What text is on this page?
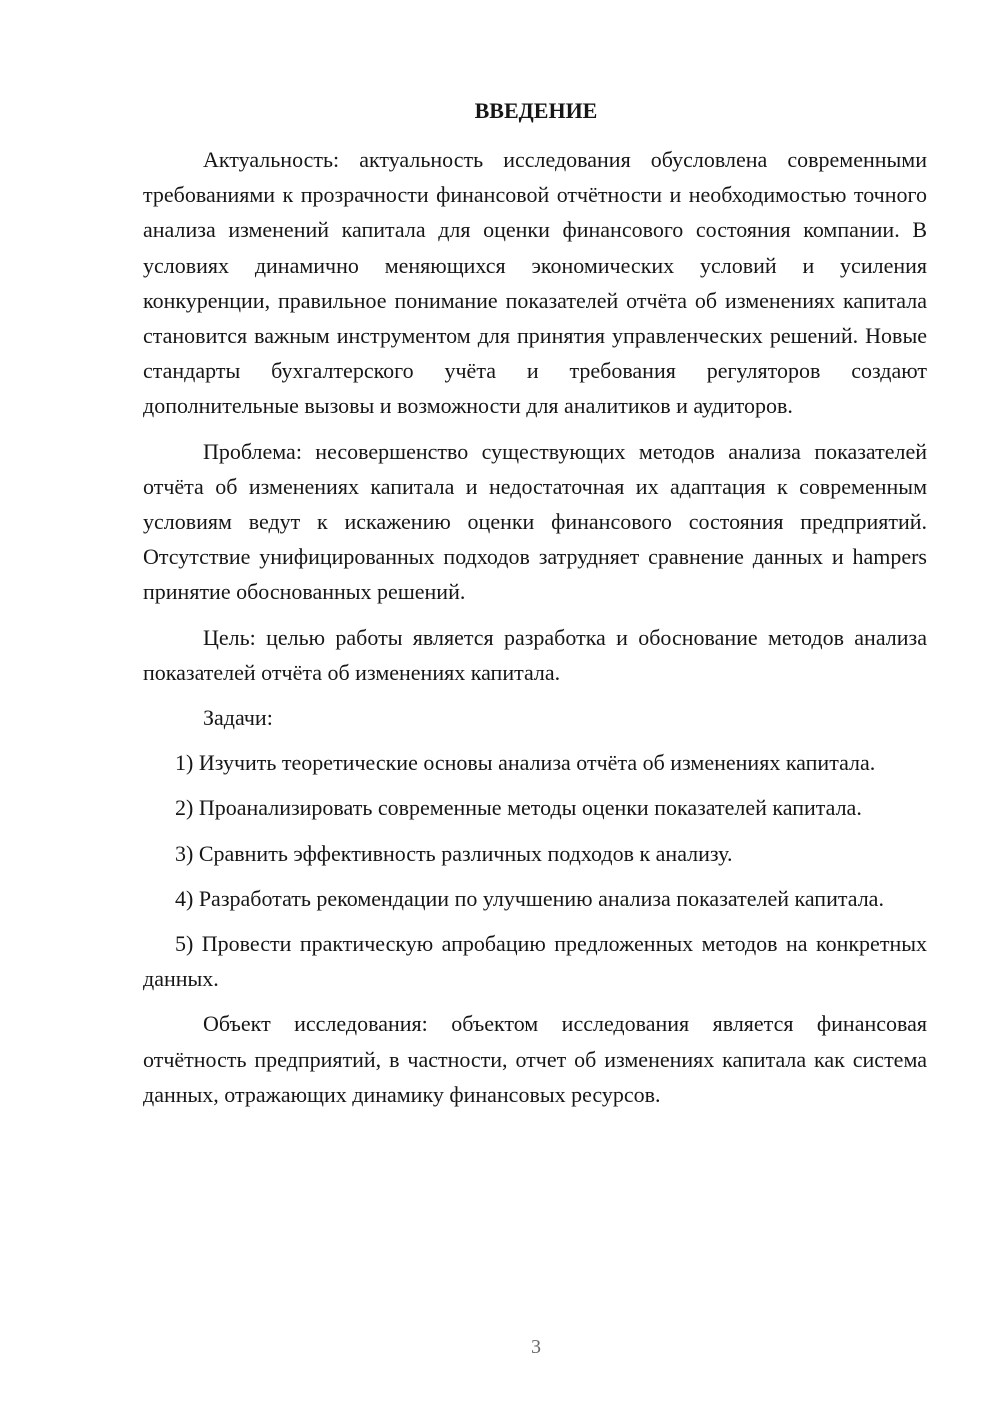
ВВЕДЕНИЕ

Актуальность: актуальность исследования обусловлена современными требованиями к прозрачности финансовой отчётности и необходимостью точного анализа изменений капитала для оценки финансового состояния компании. В условиях динамично меняющихся экономических условий и усиления конкуренции, правильное понимание показателей отчёта об изменениях капитала становится важным инструментом для принятия управленческих решений. Новые стандарты бухгалтерского учёта и требования регуляторов создают дополнительные вызовы и возможности для аналитиков и аудиторов.

Проблема: несовершенство существующих методов анализа показателей отчёта об изменениях капитала и недостаточная их адаптация к современным условиям ведут к искажению оценки финансового состояния предприятий. Отсутствие унифицированных подходов затрудняет сравнение данных и hampers принятие обоснованных решений.

Цель: целью работы является разработка и обоснование методов анализа показателей отчёта об изменениях капитала.

Задачи:

1) Изучить теоретические основы анализа отчёта об изменениях капитала.

2) Проанализировать современные методы оценки показателей капитала.

3) Сравнить эффективность различных подходов к анализу.

4) Разработать рекомендации по улучшению анализа показателей капитала.

5) Провести практическую апробацию предложенных методов на конкретных данных.

Объект исследования: объектом исследования является финансовая отчётность предприятий, в частности, отчет об изменениях капитала как система данных, отражающих динамику финансовых ресурсов.

3
